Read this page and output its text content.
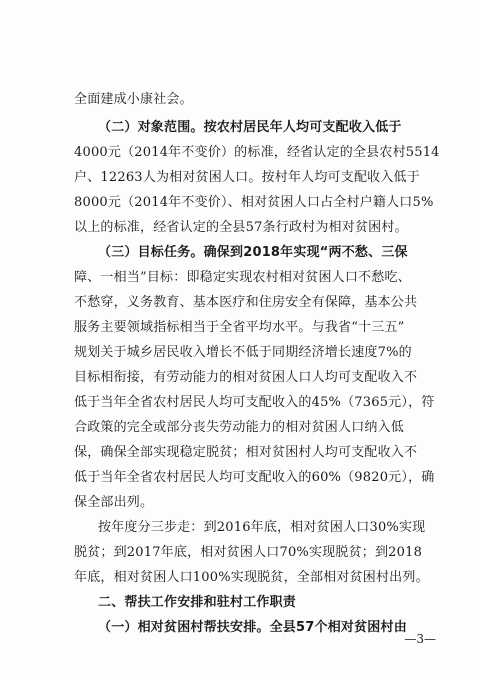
全面建成小康社会。
（二）对象范围。按农村居民年人均可支配收入低于
4000元（2014年不变价）的标准，经省认定的全县农村5514
户、12263人为相对贫困人口。按村年人均可支配收入低于
8000元（2014年不变价）、相对贫困人口占全村户籍人口5%
以上的标准，经省认定的全县57条行政村为相对贫困村。
（三）目标任务。确保到2018年实现“两不愁、三保
障、一相当”目标：即稳定实现农村相对贫困人口不愁吃、
不愁穿，义务教育、基本医疗和住房安全有保障，基本公共
服务主要领域指标相当于全省平均水平。与我省“十三五”
规划关于城乡居民收入增长不低于同期经济增长速度7%的
目标相衔接，有劳动能力的相对贫困人口人均可支配收入不
低于当年全省农村居民人均可支配收入的45%（7365元），符
合政策的完全或部分丧失劳动能力的相对贫困人口纳入低
保，确保全部实现稳定脱贫；相对贫困村人均可支配收入不
低于当年全省农村居民人均可支配收入的60%（9820元），确
保全部出列。
按年度分三步走：到2016年底，相对贫困人口30%实现
脱贫；到2017年底，相对贫困人口70%实现脱贫；到2018
年底，相对贫困人口100%实现脱贫，全部相对贫困村出列。
二、帮扶工作安排和驻村工作职责
（一）相对贫困村帮扶安排。全县57个相对贫困村由
—3—
